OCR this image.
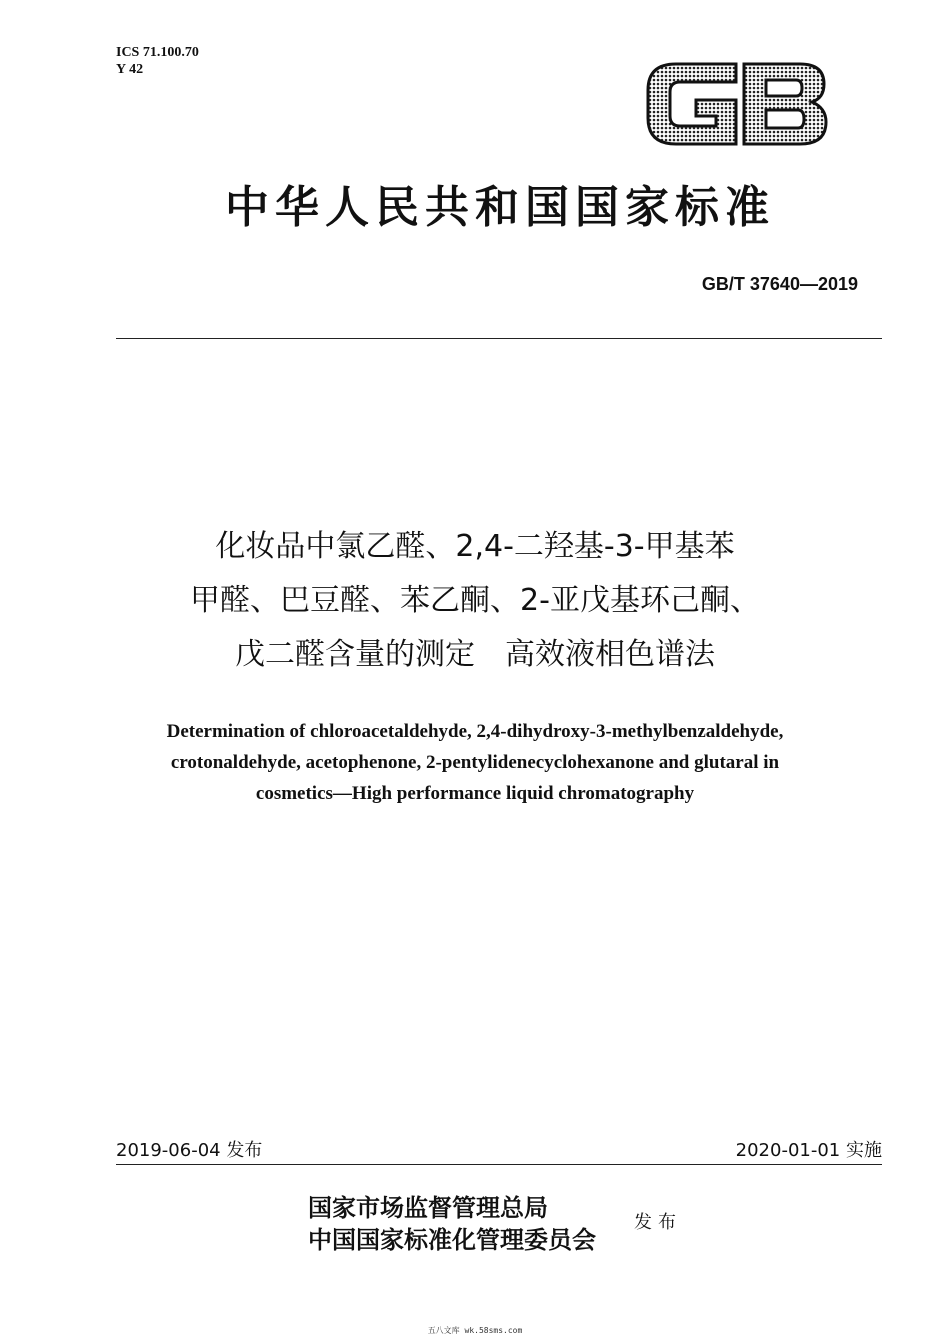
ICS 71.100.70
Y 42
GB
中华人民共和国国家标准
GB/T 37640—2019
化妆品中氯乙醛、2,4-二羟基-3-甲基苯
甲醛、巴豆醛、苯乙酮、2-亚戊基环己酮、
戊二醛含量的测定　高效液相色谱法
Determination of chloroacetaldehyde, 2,4-dihydroxy-3-methylbenzaldehyde,
crotonaldehyde, acetophenone, 2-pentylidenecyclohexanone and glutaral in
cosmetics—High performance liquid chromatography
2019-06-04 发布	2020-01-01 实施
国家市场监督管理总局
中国国家标准化管理委员会
发布
五八文库 wk.58sms.com
